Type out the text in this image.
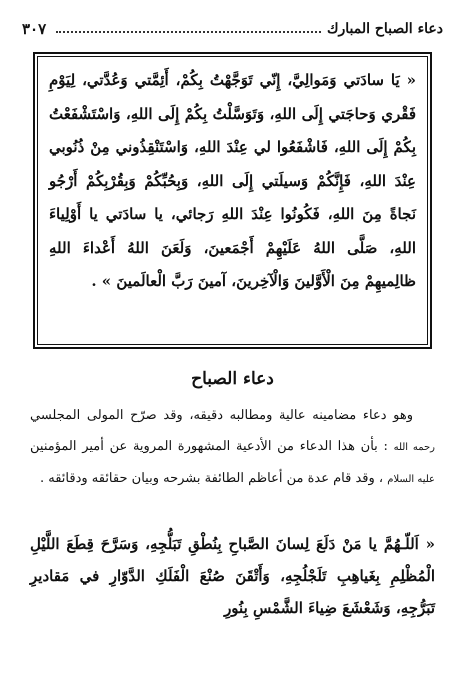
٣٠٧	دعاء الصباح المبارك
« يَا سادَتي وَمَوالِيَّ، إِنّي تَوَجَّهْتُ بِكُمْ، أَئِمَّتي وَعُدَّتي، لِيَوْمِ فَقْري وَحاجَتي إِلَى اللهِ، وَتَوَسَّلْتُ بِكُمْ إِلَى اللهِ، وَاسْتَشْفَعْتُ بِكُمْ إِلَى اللهِ، فَاشْفَعُوا لي عِنْدَ اللهِ، وَاسْتَنْقِذُوني مِنْ ذُنُوبي عِنْدَ اللهِ، فَإِنَّكُمْ وَسيلَتي إِلَى اللهِ، وَبِحُبِّكُمْ وَبِقُرْبِكُمْ أَرْجُو نَجاةً مِنَ اللهِ، فَكُونُوا عِنْدَ اللهِ رَجائي، يا سادَتي يا أَوْلِياءَ اللهِ، صَلَّى اللهُ عَلَيْهِمْ أَجْمَعينَ، وَلَعَنَ اللهُ أَعْداءَ اللهِ ظالِميهِمْ مِنَ الْأَوَّلينَ وَالْآخِرينَ، آمينَ رَبَّ الْعالَمينَ » .
دعاء الصباح

وهو دعاء مضامينه عالية ومطالبه دقيقه، وقد صرّح المولى المجلسي رحمه الله : بأن هذا الدعاء من الأدعية المشهورة المروية عن أمير المؤمنين عليه السلام ، وقد قام عدة من أعاظم الطائفة بشرحه وبيان حقائقه ودقائقه .

« اَللّـهُمَّ يا مَنْ دَلَعَ لِسانَ الصَّباحِ بِنُطْقِ تَبَلُّجِهِ، وَسَرَّحَ قِطَعَ اللَّيْلِ الْمُظْلِمِ بِغَياهِبِ تَلَجْلُجِهِ، وَأَتْقَنَ صُنْعَ الْفَلَكِ الدَّوّارِ في مَقاديرِ تَبَرُّجِهِ، وَشَعْشَعَ ضِياءَ الشَّمْسِ بِنُورِ
